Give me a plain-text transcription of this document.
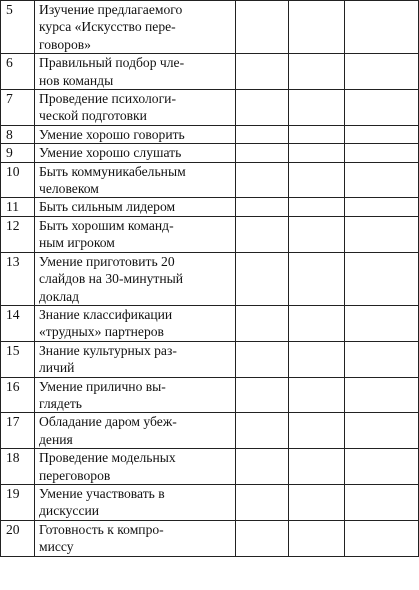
5	Изучение предлагаемого
курса «Искусство пере-
говоров»			

6	Правильный подбор чле-
нов команды			

7	Проведение психологи-
ческой подготовки			

8	Умение хорошо говорить			

9	Умение хорошо слушать			

10	Быть коммуникабельным
человеком			

11	Быть сильным лидером			

12	Быть хорошим команд-
ным игроком			

13	Умение приготовить 20
слайдов на 30-минутный
доклад			

14	Знание классификации
«трудных» партнеров			

15	Знание культурных раз-
личий			

16	Умение прилично вы-
глядеть			

17	Обладание даром убеж-
дения			

18	Проведение модельных
переговоров			

19	Умение участвовать в
дискуссии			

20	Готовность к компро-
миссу			
